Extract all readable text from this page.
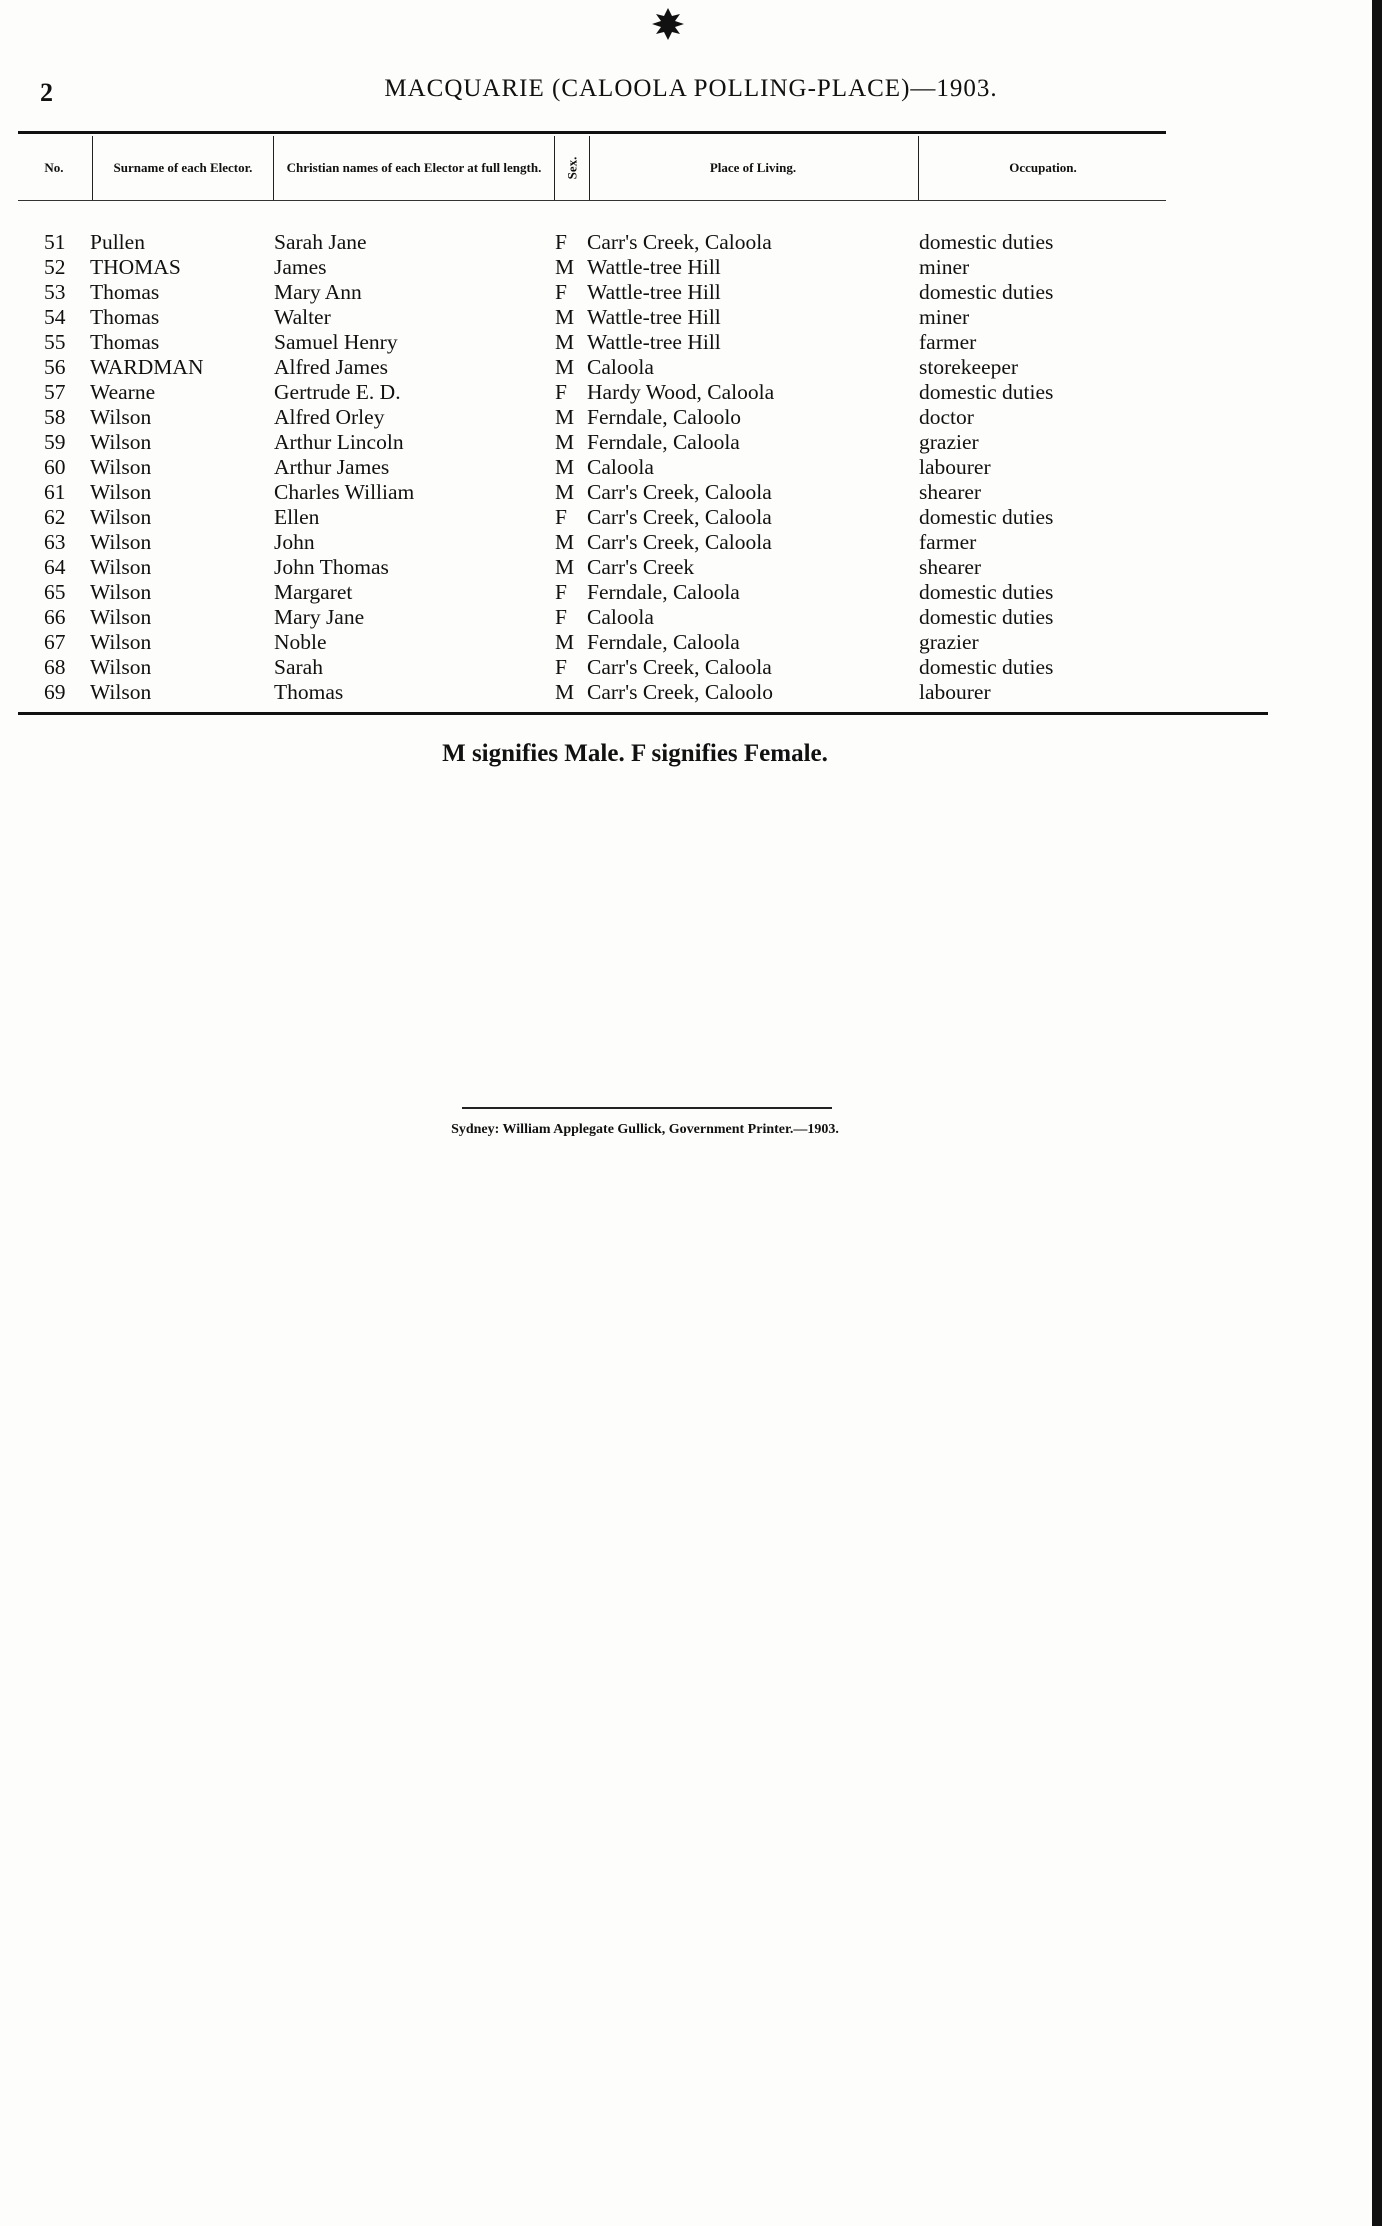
2	MACQUARIE (CALOOLA POLLING-PLACE)—1903.
No.	Surname of each Elector.	Christian names of each Elector at full length.	Sex.	Place of Living.	Occupation.
51 Pullen	Sarah Jane	F Carr's Creek, Caloola	domestic duties
52 THOMAS	James	M Wattle-tree Hill	miner
53 Thomas	Mary Ann	F Wattle-tree Hill	domestic duties
54 Thomas	Walter	M Wattle-tree Hill	miner
55 Thomas	Samuel Henry	M Wattle-tree Hill	farmer
56 WARDMAN	Alfred James	M Caloola	storekeeper
57 Wearne	Gertrude E. D.	F Hardy Wood, Caloola	domestic duties
58 Wilson	Alfred Orley	M Ferndale, Caloolo	doctor
59 Wilson	Arthur Lincoln	M Ferndale, Caloola	grazier
60 Wilson	Arthur James	M Caloola	labourer
61 Wilson	Charles William	M Carr's Creek, Caloola	shearer
62 Wilson	Ellen	F Carr's Creek, Caloola	domestic duties
63 Wilson	John	M Carr's Creek, Caloola	farmer
64 Wilson	John Thomas	M Carr's Creek	shearer
65 Wilson	Margaret	F Ferndale, Caloola	domestic duties
66 Wilson	Mary Jane	F Caloola	domestic duties
67 Wilson	Noble	M Ferndale, Caloola	grazier
68 Wilson	Sarah	F Carr's Creek, Caloola	domestic duties
69 Wilson	Thomas	M Carr's Creek, Caloolo	labourer
M signifies Male. F signifies Female.
Sydney: William Applegate Gullick, Government Printer.—1903.
